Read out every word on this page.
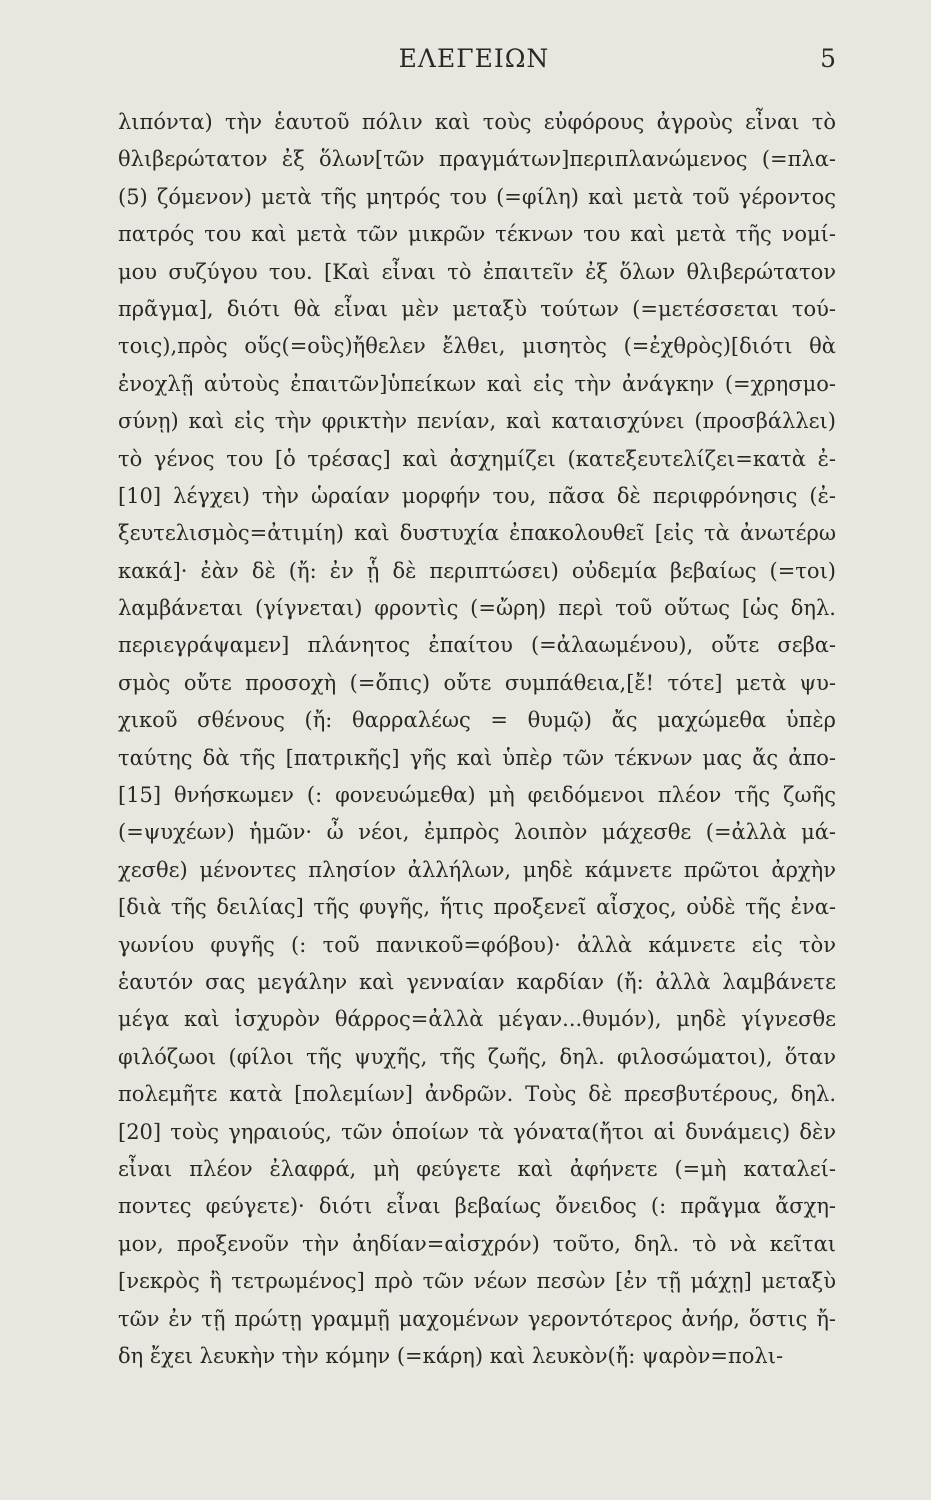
ΕΛΕΓΕΙΩΝ	5
λιπόντα) τὴν ἑαυτοῦ πόλιν καὶ τοὺς εὐφόρους ἀγροὺς εἶναι τὸ
θλιβερώτατον ἐξ ὅλων[τῶν πραγμάτων]περιπλανώμενος (=πλα-
(5) ζόμενον) μετὰ τῆς μητρός του (=φίλη) καὶ μετὰ τοῦ γέροντος
πατρός του καὶ μετὰ τῶν μικρῶν τέκνων του καὶ μετὰ τῆς νομί-
μου συζύγου του. [Καὶ εἶναι τὸ ἐπαιτεῖν ἐξ ὅλων θλιβερώτατον
πρᾶγμα], διότι θὰ εἶναι μὲν μεταξὺ τούτων (=μετέσσεται τού-
τοις),πρὸς οὕς(=οὓς)ἤθελεν ἔλθει, μισητὸς (=ἐχθρὸς)[διότι θὰ
ἐνοχλῇ αὐτοὺς ἐπαιτῶν]ὑπείκων καὶ εἰς τὴν ἀνάγκην (=χρησμο-
σύνῃ) καὶ εἰς τὴν φρικτὴν πενίαν, καὶ καταισχύνει (προσβάλλει)
τὸ γένος του [ὁ τρέσας] καὶ ἀσχημίζει (κατεξευτελίζει=κατὰ ἐ-
[10] λέγχει) τὴν ὡραίαν μορφήν του, πᾶσα δὲ περιφρόνησις (ἐ-
ξευτελισμὸς=ἀτιμίη) καὶ δυστυχία ἐπακολουθεῖ [εἰς τὰ ἀνωτέρω
κακά]· ἐὰν δὲ (ἤ: ἐν ᾗ δὲ περιπτώσει) οὐδεμία βεβαίως (=τοι)
λαμβάνεται (γίγνεται) φροντὶς (=ὤρη) περὶ τοῦ οὕτως [ὡς δηλ.
περιεγράψαμεν] πλάνητος ἐπαίτου (=ἀλαωμένου), οὔτε σεβα-
σμὸς οὔτε προσοχὴ (=ὄπις) οὔτε συμπάθεια,[ἔ! τότε] μετὰ ψυ-
χικοῦ σθένους (ἤ: θαρραλέως = θυμῷ) ἄς μαχώμεθα ὑπὲρ
ταύτης δὰ τῆς [πατρικῆς] γῆς καὶ ὑπὲρ τῶν τέκνων μας ἄς ἀπο-
[15] θνήσκωμεν (: φονευώμεθα) μὴ φειδόμενοι πλέον τῆς ζωῆς
(=ψυχέων) ἡμῶν· ὦ νέοι, ἐμπρὸς λοιπὸν μάχεσθε (=ἀλλὰ μά-
χεσθε) μένοντες πλησίον ἀλλήλων, μηδὲ κάμνετε πρῶτοι ἀρχὴν
[διὰ τῆς δειλίας] τῆς φυγῆς, ἥτις προξενεῖ αἶσχος, οὐδὲ τῆς ἐνα-
γωνίου φυγῆς (: τοῦ πανικοῦ=φόβου)· ἀλλὰ κάμνετε εἰς τὸν
ἑαυτόν σας μεγάλην καὶ γενναίαν καρδίαν (ἤ: ἀλλὰ λαμβάνετε
μέγα καὶ ἰσχυρὸν θάρρος=ἀλλὰ μέγαν...θυμόν), μηδὲ γίγνεσθε
φιλόζωοι (φίλοι τῆς ψυχῆς, τῆς ζωῆς, δηλ. φιλοσώματοι), ὅταν
πολεμῆτε κατὰ [πολεμίων] ἀνδρῶν. Τοὺς δὲ πρεσβυτέρους, δηλ.
[20] τοὺς γηραιούς, τῶν ὁποίων τὰ γόνατα(ἤτοι αἱ δυνάμεις) δὲν
εἶναι πλέον ἐλαφρά, μὴ φεύγετε καὶ ἀφήνετε (=μὴ καταλεί-
ποντες φεύγετε)· διότι εἶναι βεβαίως ὄνειδος (: πρᾶγμα ἄσχη-
μον, προξενοῦν τὴν ἀηδίαν=αἰσχρόν) τοῦτο, δηλ. τὸ νὰ κεῖται
[νεκρὸς ἢ τετρωμένος] πρὸ τῶν νέων πεσὼν [ἐν τῇ μάχῃ] μεταξὺ
τῶν ἐν τῇ πρώτῃ γραμμῇ μαχομένων γεροντότερος ἀνήρ, ὅστις ἤ-
δη ἔχει λευκὴν τὴν κόμην (=κάρη) καὶ λευκὸν(ἤ: ψαρὸν=πολι-
